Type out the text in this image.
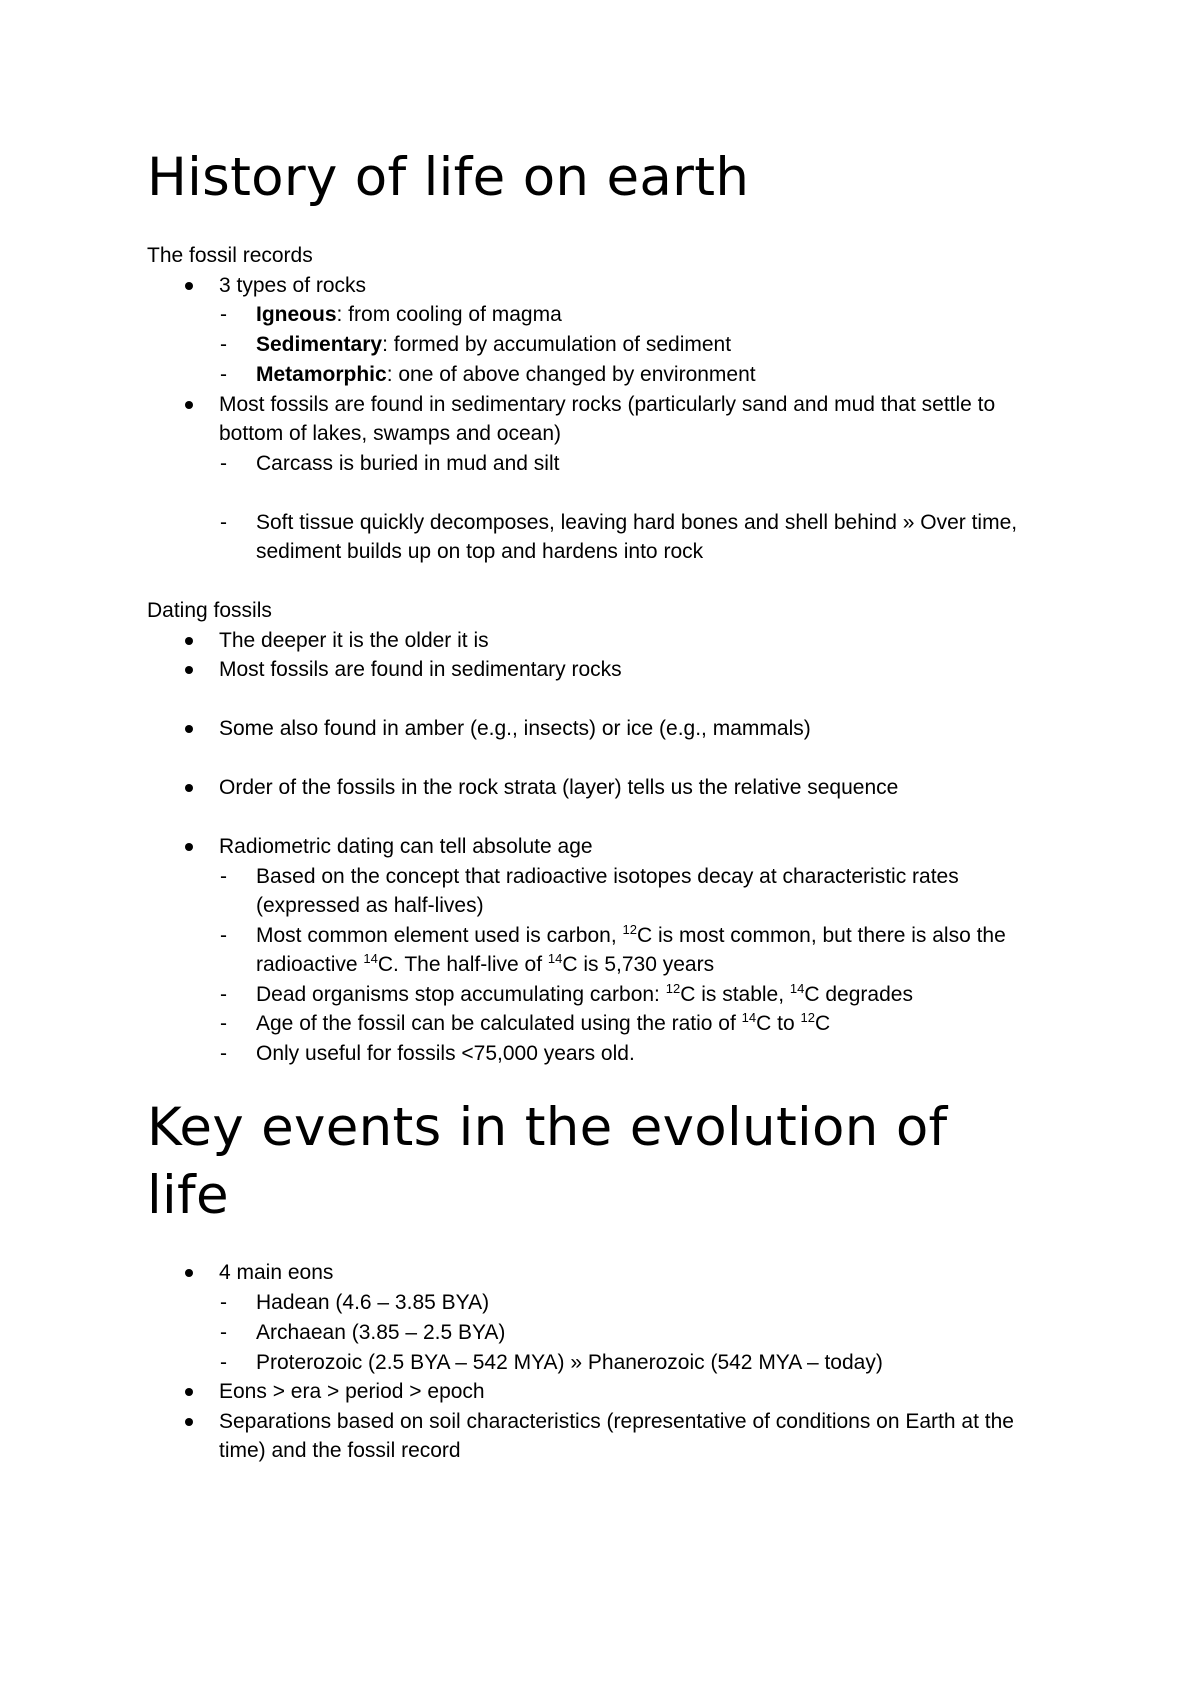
History of life on earth
The fossil records
3 types of rocks
- Igneous: from cooling of magma
- Sedimentary: formed by accumulation of sediment
- Metamorphic: one of above changed by environment
Most fossils are found in sedimentary rocks (particularly sand and mud that settle to
bottom of lakes, swamps and ocean)
- Carcass is buried in mud and silt
- Soft tissue quickly decomposes, leaving hard bones and shell behind » Over time,
sediment builds up on top and hardens into rock
Dating fossils
The deeper it is the older it is
Most fossils are found in sedimentary rocks
Some also found in amber (e.g., insects) or ice (e.g., mammals)
Order of the fossils in the rock strata (layer) tells us the relative sequence
Radiometric dating can tell absolute age
- Based on the concept that radioactive isotopes decay at characteristic rates
(expressed as half-lives)
- Most common element used is carbon, $^{12}$C is most common, but there is also the
radioactive $^{14}$C. The half-live of $^{14}$C is 5,730 years
- Dead organisms stop accumulating carbon: $^{12}$C is stable, $^{14}$C degrades
- Age of the fossil can be calculated using the ratio of $^{14}$C to $^{12}$C
- Only useful for fossils <75,000 years old.
Key events in the evolution of
life
4 main eons
- Hadean (4.6 – 3.85 BYA)
- Archaean (3.85 – 2.5 BYA)
- Proterozoic (2.5 BYA – 542 MYA) » Phanerozoic (542 MYA – today)
Eons > era > period > epoch
Separations based on soil characteristics (representative of conditions on Earth at the
time) and the fossil record
